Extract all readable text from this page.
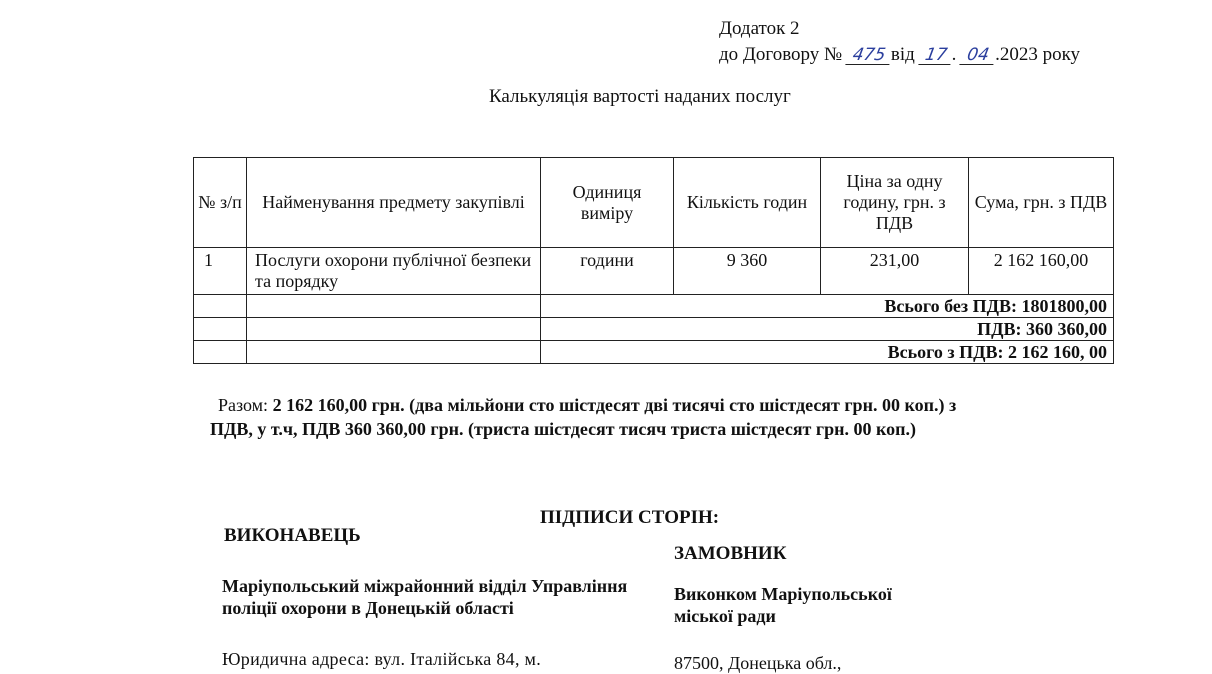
Додаток 2
до Договору № 475 від 17 . 04 .2023 року
Калькуляція вартості наданих послуг
№ з/п	Найменування предмету закупівлі	Одиниця виміру	Кількість годин	Ціна за одну годину, грн. з ПДВ	Сума, грн. з ПДВ
1	Послуги охорони публічної безпеки та порядку	години	9 360	231,00	2 162 160,00
		Всього без ПДВ: 1801800,00			
		ПДВ: 360 360,00			
		Всього з ПДВ: 2 162 160, 00			
Разом: 2 162 160,00 грн. (два мільйони сто шістдесят дві тисячі сто шістдесят грн. 00 коп.) з
ПДВ, у т.ч, ПДВ 360 360,00 грн. (триста шістдесят тисяч триста шістдесят грн. 00 коп.)
ПІДПИСИ СТОРІН:
ВИКОНАВЕЦЬ
ЗАМОВНИК
Маріупольський міжрайонний відділ Управління поліції охорони в Донецькій області
Юридична адреса: вул. Італійська 84, м.
Виконком Маріупольської міської ради
87500, Донецька обл.,
